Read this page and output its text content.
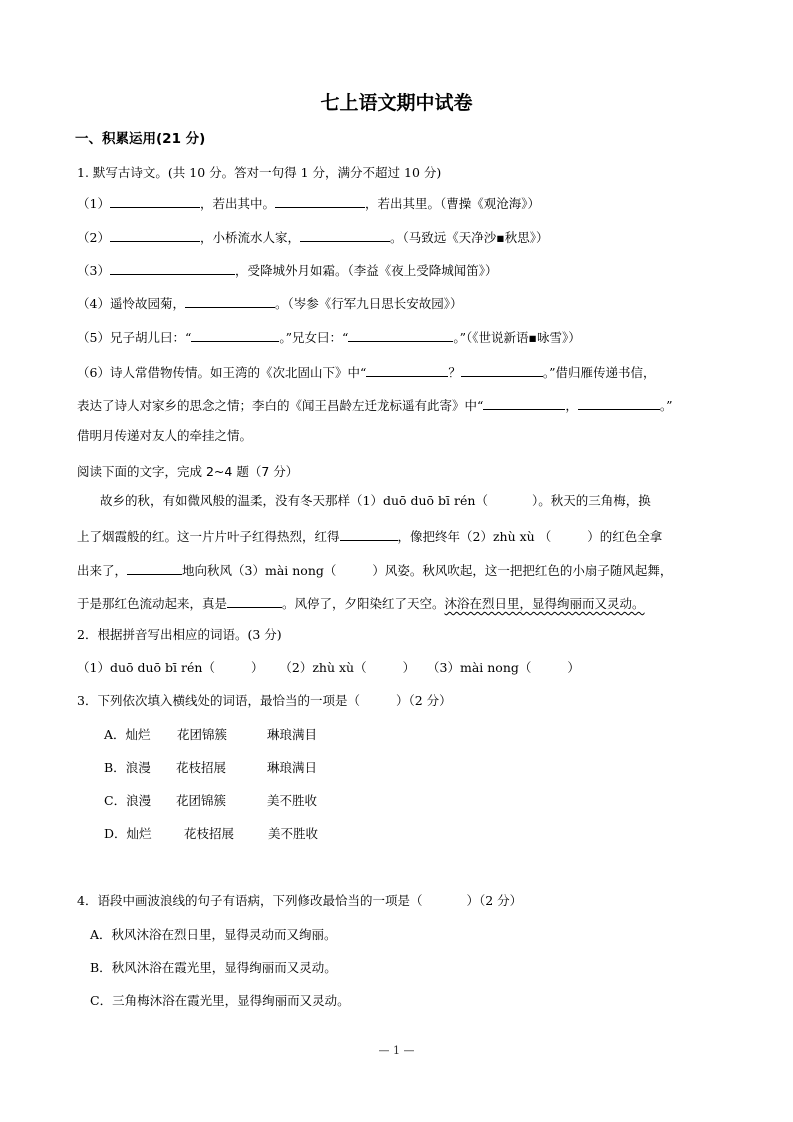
七上语文期中试卷
一、积累运用(21 分)
1. 默写古诗文。(共 10 分。答对一句得 1 分，满分不超过 10 分)
（1）	，若出其中。	，若出其里。（曹操《观沧海》）
（2）	，小桥流水人家，	。（马致远《天净沙▪秋思》）
（3）	，受降城外月如霜。（李益《夜上受降城闻笛》）
（4）遥怜故园菊，	。（岑参《行军九日思长安故园》）
（5）兄子胡儿曰：“	。”兄女曰：“	。”（《世说新语▪咏雪》）
（6）诗人常借物传情。如王湾的《次北固山下》中“	？	。”借归雁传递书信，
表达了诗人对家乡的思念之情；李白的《闻王昌龄左迁龙标遥有此寄》中“	，	。”
借明月传递对友人的牵挂之情。
阅读下面的文字，完成 2~4 题（7 分）
故乡的秋，有如微风般的温柔，没有冬天那样（1）duō duō bī rén（	）。秋天的三角梅，换
上了烟霞般的红。这一片片叶子红得热烈，红得	，像把终年（2）zhù xù （	）的红色全拿
出来了，	地向秋风（3）mài nong（	）风姿。秋风吹起，这一把把红色的小扇子随风起舞，
于是那红色流动起来，真是	。风停了，夕阳染红了天空。沐浴在烈日里，显得绚丽而又灵动。
2．根据拼音写出相应的词语。(3 分)
（1）duō duō bī rén（	） （2）zhù xù（	） （3）mài nong（	）
3．下列依次填入横线处的词语，最恰当的一项是（	）（2 分）
A．灿烂 花团锦簇	琳琅满目
B．浪漫 花枝招展	琳琅满日
C．浪漫 花团锦簇	美不胜收
D．灿烂	花枝招展	美不胜收
4．语段中画波浪线的句子有语病，下列修改最恰当的一项是（	）（2 分）
A．秋风沐浴在烈日里，显得灵动而又绚丽。
B．秋风沐浴在霞光里，显得绚丽而又灵动。
C．三角梅沐浴在霞光里，显得绚丽而又灵动。
— 1 —
